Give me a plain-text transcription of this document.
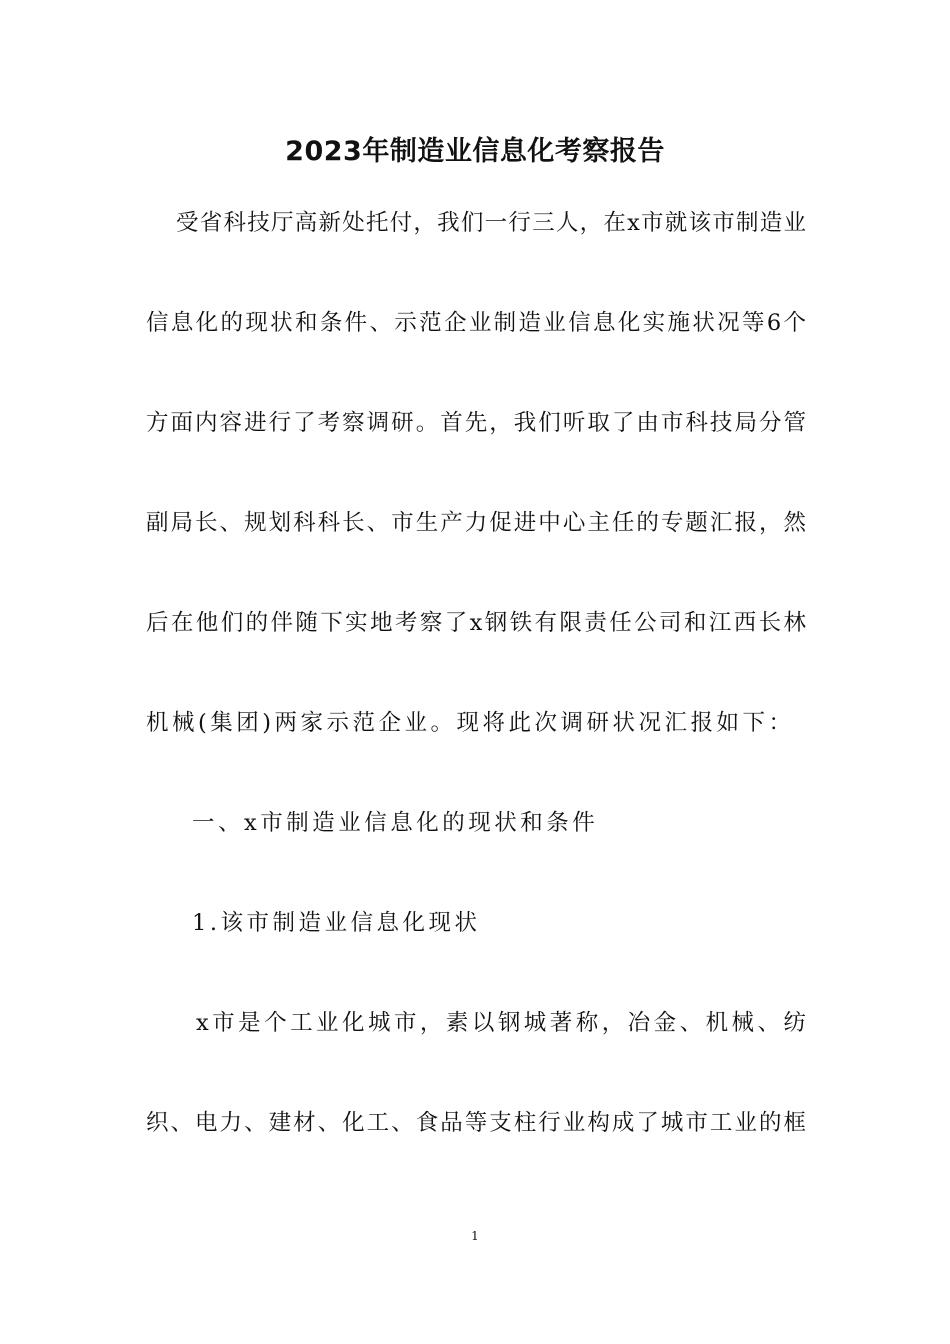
2023年制造业信息化考察报告
受省科技厅高新处托付，我们一行三人，在x市就该市制造业
信息化的现状和条件、示范企业制造业信息化实施状况等6个
方面内容进行了考察调研。首先，我们听取了由市科技局分管
副局长、规划科科长、市生产力促进中心主任的专题汇报，然
后在他们的伴随下实地考察了x钢铁有限责任公司和江西长林
机械(集团)两家示范企业。现将此次调研状况汇报如下：
一、x市制造业信息化的现状和条件
1.该市制造业信息化现状
x市是个工业化城市，素以钢城著称，冶金、机械、纺
织、电力、建材、化工、食品等支柱行业构成了城市工业的框
1
